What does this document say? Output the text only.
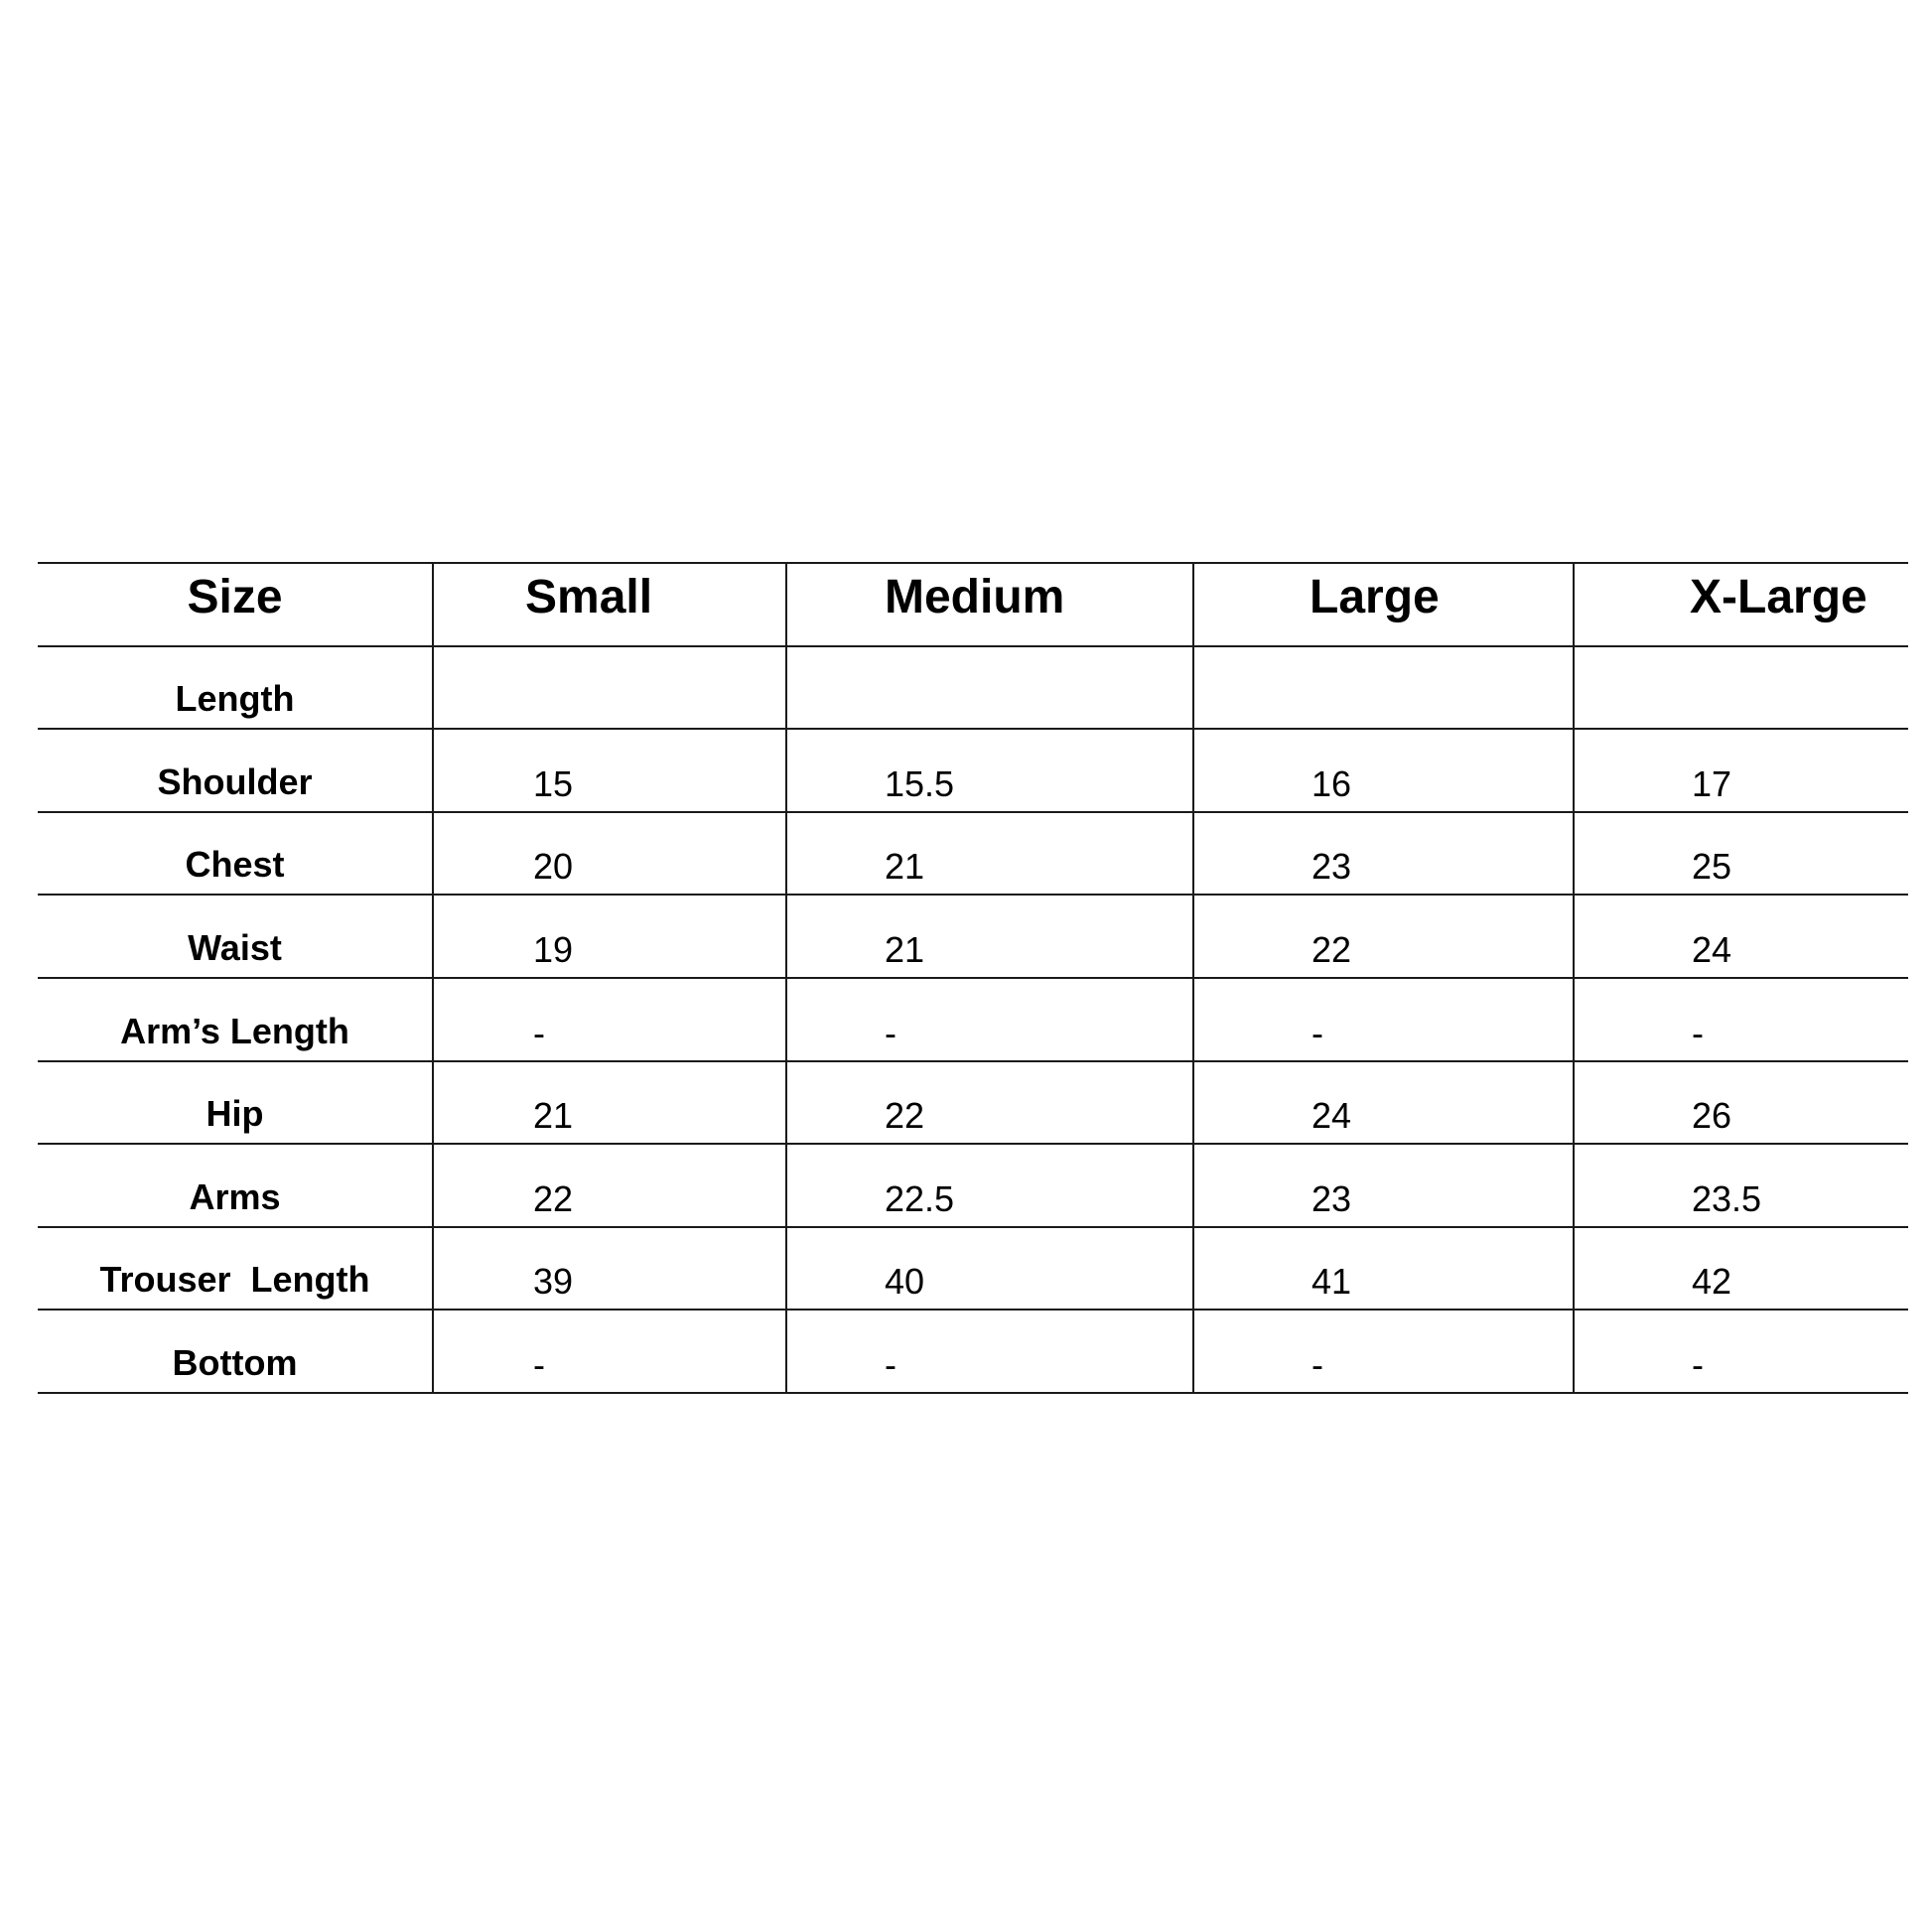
Size	Small	Medium	Large	X-Large
Length				
Shoulder	15	15.5	16	17
Chest	20	21	23	25
Waist	19	21	22	24
Arm’s Length	-	-	-	-
Hip	21	22	24	26
Arms	22	22.5	23	23.5
Trouser  Length	39	40	41	42
Bottom	-	-	-	-
